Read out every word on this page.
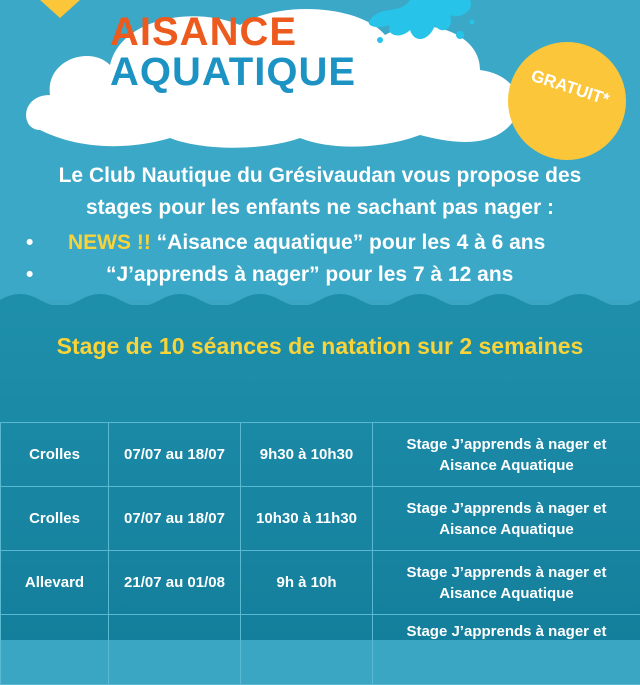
AISANCE
AQUATIQUE	GRATUIT*
Le Club Nautique du Grésivaudan vous propose des
stages pour les enfants ne sachant pas nager :
• NEWS !! “Aisance aquatique” pour les 4 à 6 ans
•	“J’apprends à nager” pour les 7 à 12 ans
Stage de 10 séances de natation sur 2 semaines
Crolles	07/07 au 18/07	9h30 à 10h30	Stage J’apprends à nager et Aisance Aquatique
Crolles	07/07 au 18/07	10h30 à 11h30	Stage J’apprends à nager et Aisance Aquatique
Allevard	21/07 au 01/08	9h à 10h	Stage J’apprends à nager et Aisance Aquatique
			Stage J’apprends à nager et
